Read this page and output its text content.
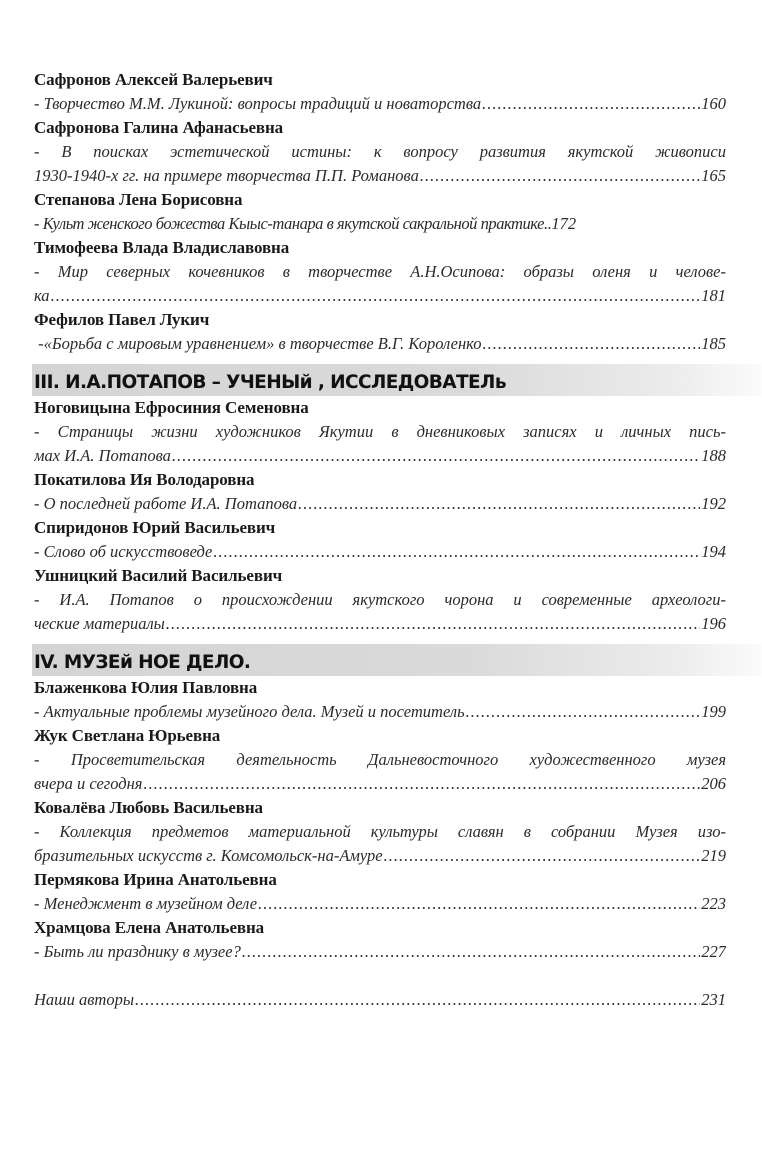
Сафронов Алексей Валерьевич
- Творчество М.М. Лукиной: вопросы традиций и новаторства .....	160
Сафронова Галина Афанасьевна
- В поисках эстетической истины: к вопросу развития якутской живописи
1930-1940-х гг. на примере творчества П.П. Романова .....	165
Степанова Лена Борисовна
- Культ женского божества Кыыс-танара в якутской сакральной практике.. 172
Тимофеева Влада Владиславовна
- Мир северных кочевников в творчестве А.Н.Осипова: образы оленя и челове-
ка .....	181
Фефилов Павел Лукич
-«Борьба с мировым уравнением» в творчестве В.Г. Короленко .....	185
III. И.А.ПОТАПОВ – УЧЕНЫй , ИССЛЕДОВАТЕЛь
Ноговицына Ефросиния Семеновна
- Страницы жизни художников Якутии в дневниковых записях и личных пись-
мах И.А. Потапова .....	188
Покатилова Ия Володаровна
- О последней работе И.А. Потапова .....	192
Спиридонов Юрий Васильевич
- Слово об искусствоведе .....	194
Ушницкий Василий Васильевич
- И.А. Потапов о происхождении якутского чорона и современные археологи-
ческие материалы .....	196
IV. МУЗЕй НОЕ ДЕЛО.
Блаженкова Юлия Павловна
- Актуальные проблемы музейного дела. Музей и посетитель .....	199
Жук Светлана Юрьевна
- Просветительская деятельность Дальневосточного художественного музея
вчера и сегодня .....	206
Ковалёва Любовь Васильевна
- Коллекция предметов материальной культуры славян в собрании Музея изо-
бразительных искусств г. Комсомольск-на-Амуре .....	219
Пермякова Ирина Анатольевна
- Менеджмент в музейном деле .....	223
Храмцова Елена Анатольевна
- Быть ли празднику в музее? .....	227
Наши авторы .....	231
